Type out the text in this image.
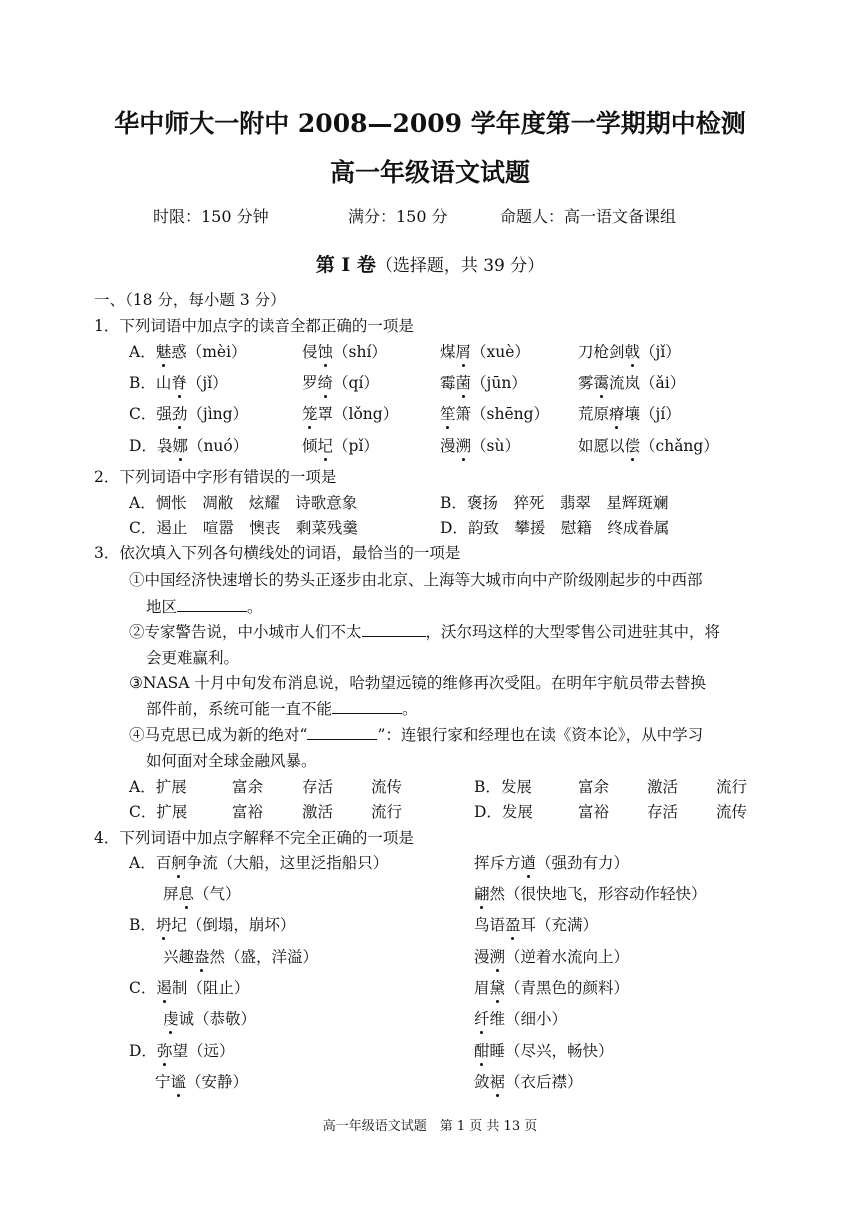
华中师大一附中 2008—2009 学年度第一学期期中检测
高一年级语文试题
时限：150 分钟	满分：150 分	命题人：高一语文备课组
第 I 卷（选择题，共 39 分）
一、（18 分，每小题 3 分）
1．下列词语中加点字的读音全都正确的一项是
A．魅惑（mèi）	侵蚀（shí）	煤屑（xuè）	刀枪剑戟（jǐ）
B．山脊（jǐ）	罗绮（qí）	霉菌（jūn）	雾霭流岚（ǎi）
C．强劲（jìng）	笼罩（lǒng）	笙箫（shēng） 荒原瘠壤（jí）
D．袅娜（nuó）	倾圮（pǐ）	漫溯（sù）	如愿以偿（chǎng）
2．下列词语中字形有错误的一项是
A．惆怅　凋敝　炫耀　诗歌意象	B．褒扬　猝死　翡翠　星辉斑斓
C．遏止　喧嚣　懊丧　剩菜残羹	D．韵致　攀援　慰籍　终成眷属
3．依次填入下列各句横线处的词语，最恰当的一项是
①中国经济快速增长的势头正逐步由北京、上海等大城市向中产阶级刚起步的中西部
地区	。
②专家警告说，中小城市人们不太	，沃尔玛这样的大型零售公司进驻其中，将
会更难赢利。
③NASA 十月中旬发布消息说，哈勃望远镜的维修再次受阻。在明年宇航员带去替换
部件前，系统可能一直不能	。
④马克思已成为新的绝对“	”：连银行家和经理也在读《资本论》，从中学习
如何面对全球金融风暴。
A．扩展	富余	存活 流传	B．发展	富余 激活 流行
C．扩展	富裕	激活 流行	D．发展	富裕 存活 流传
4．下列词语中加点字解释不完全正确的一项是
A．百舸争流（大船，这里泛指船只）	挥斥方遒（强劲有力）
屏息（气）	翩然（很快地飞，形容动作轻快）
B．坍圮（倒塌，崩坏）	鸟语盈耳（充满）
兴趣盎然（盛，洋溢）	漫溯（逆着水流向上）
C．遏制（阻止）	眉黛（青黑色的颜料）
虔诚（恭敬）	纤维（细小）
D．弥望（远）	酣睡（尽兴，畅快）
宁谧（安静）	敛裾（衣后襟）
高一年级语文试题　第 1 页 共 13 页
